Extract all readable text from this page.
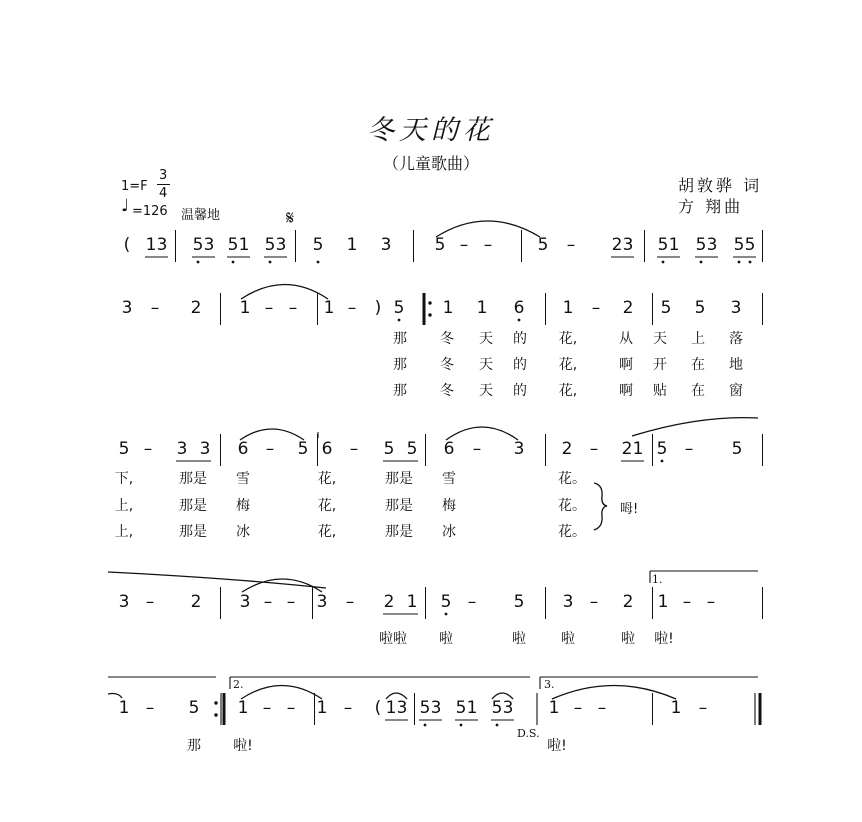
冬天的花
（儿童歌曲）
1=F
3
4
♩ =126 温馨地
胡敦骅 词
方 翔曲
𝄋
1.
2.	3.
D.S.
呣!
( 1 3	5 3 5 1 5 3	5	1	3	5 – –	5	–	2 3	5 1 5 3 5 5
3	–	2	1 – –	1 –	) 5	1	1	6	1	–	2	5	5	3
5 –	3 3	6	–	5 6	–	5 5	6	–	3	2	–	2 1 5	–	5
3 –	2	3 – –	3	–	2 1	5 –	5	3 –	2	1 – –
1 –	5	1 – –	1 –	( 1 3 5 3 5 1 5 3	1 – –	1	–
那	冬	天	的	花,	从	天	上	落
那	冬	天	的	花,	啊	开	在	地
那	冬	天	的	花,	啊	贴	在	窗
下,	那是	雪	花,	那是	雪	花。
上,	那是	梅	花,	那是	梅	花。
上,	那是	冰	花,	那是	冰	花。
啦啦	啦	啦	啦	啦	啦!
那	啦!	啦!
